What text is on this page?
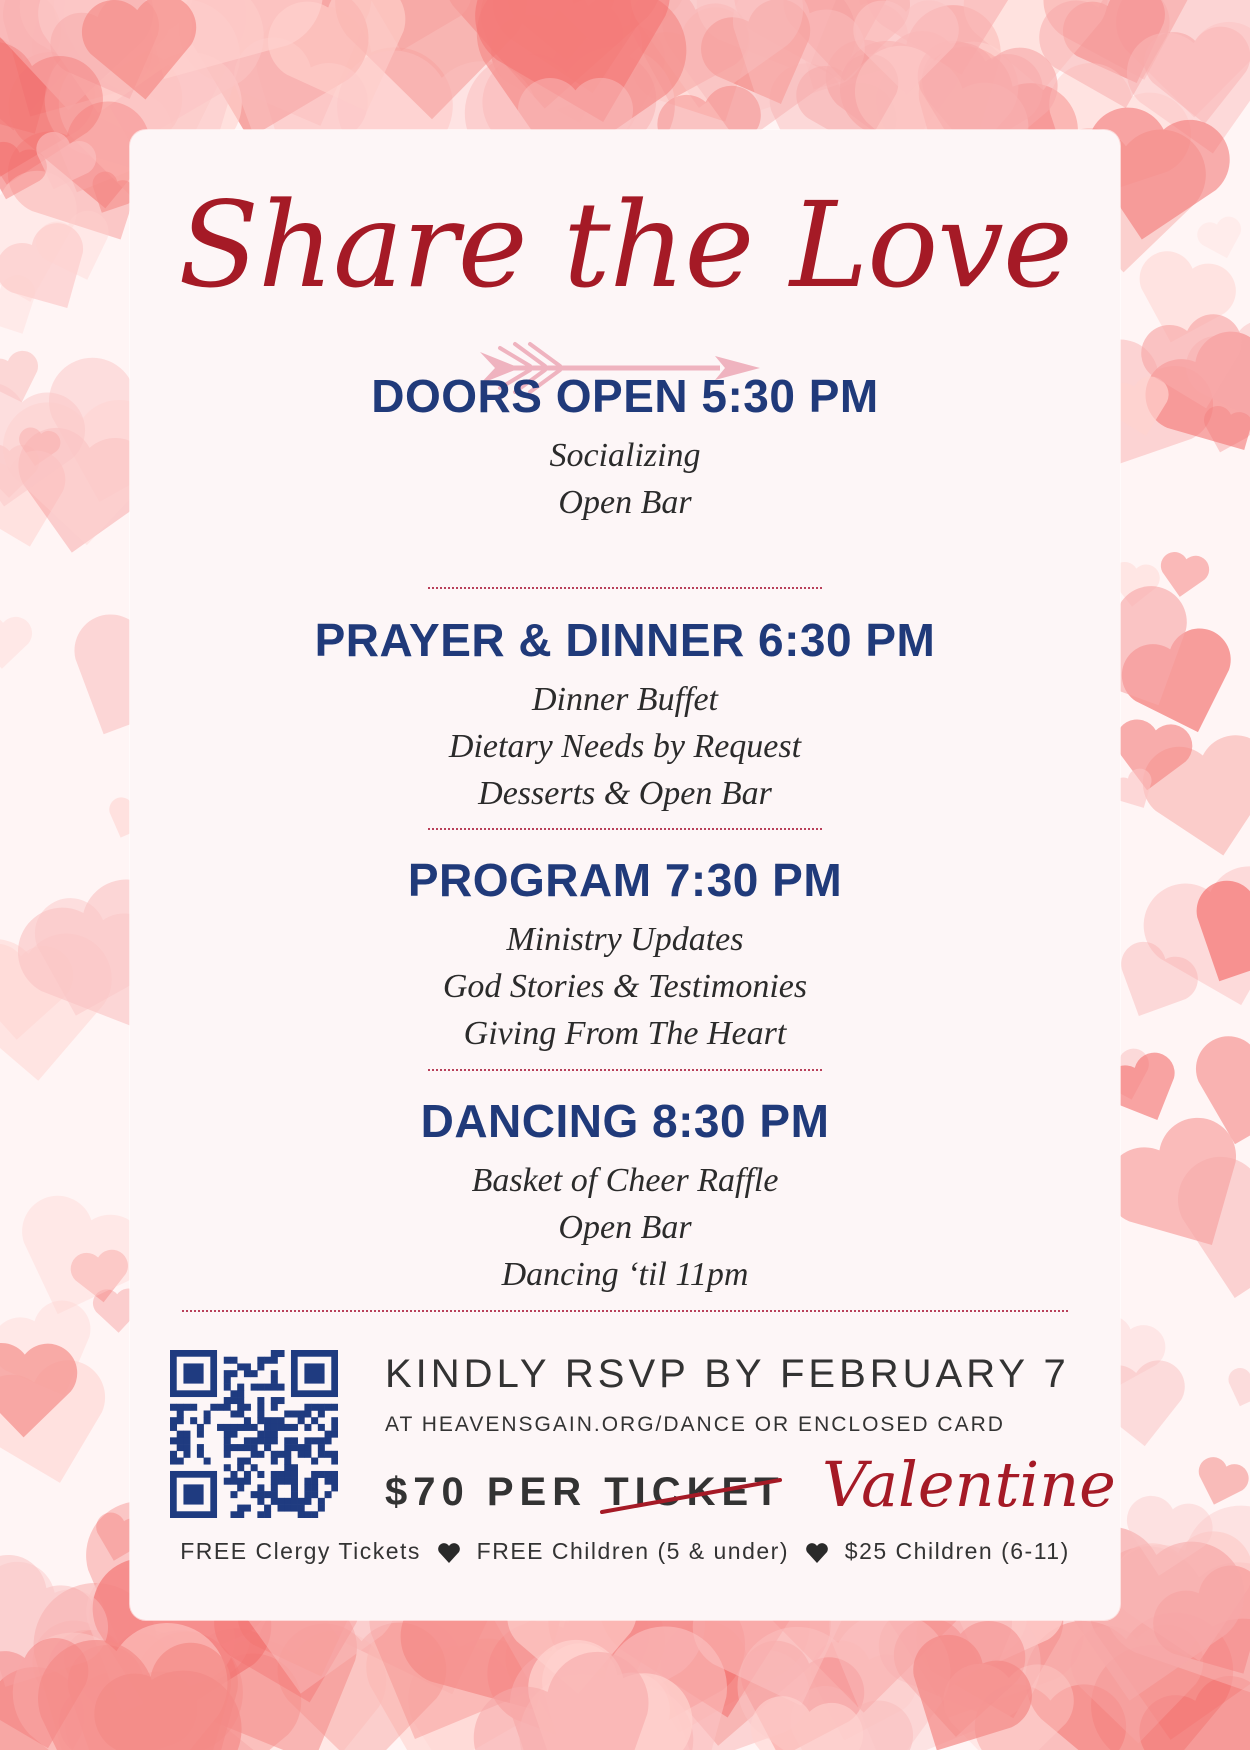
Share the Love
DOORS OPEN 5:30 PM
Socializing
Open Bar
PRAYER & DINNER 6:30 PM
Dinner Buffet
Dietary Needs by Request
Desserts & Open Bar
PROGRAM 7:30 PM
Ministry Updates
God Stories & Testimonies
Giving From The Heart
DANCING 8:30 PM
Basket of Cheer Raffle
Open Bar
Dancing ‘til 11pm
KINDLY RSVP BY FEBRUARY 7
AT HEAVENSGAIN.ORG/DANCE OR ENCLOSED CARD
$70 PER TICKET Valentine
FREE Clergy Tickets FREE Children (5 & under) $25 Children (6-11)
